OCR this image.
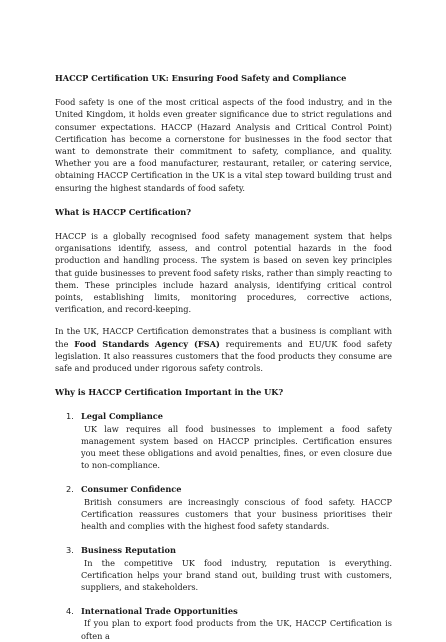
HACCP Certification UK: Ensuring Food Safety and Compliance

Food safety is one of the most critical aspects of the food industry, and in the United Kingdom, it holds even greater significance due to strict regulations and consumer expectations. HACCP (Hazard Analysis and Critical Control Point) Certification has become a cornerstone for businesses in the food sector that want to demonstrate their commitment to safety, compliance, and quality. Whether you are a food manufacturer, restaurant, retailer, or catering service, obtaining HACCP Certification in the UK is a vital step toward building trust and ensuring the highest standards of food safety.

What is HACCP Certification?

HACCP is a globally recognised food safety management system that helps organisations identify, assess, and control potential hazards in the food production and handling process. The system is based on seven key principles that guide businesses to prevent food safety risks, rather than simply reacting to them. These principles include hazard analysis, identifying critical control points, establishing limits, monitoring procedures, corrective actions, verification, and record-keeping.

In the UK, HACCP Certification demonstrates that a business is compliant with the Food Standards Agency (FSA) requirements and EU/UK food safety legislation. It also reassures customers that the food products they consume are safe and produced under rigorous safety controls.

Why is HACCP Certification Important in the UK?
1. Legal Compliance
UK law requires all food businesses to implement a food safety management system based on HACCP principles. Certification ensures you meet these obligations and avoid penalties, fines, or even closure due to non-compliance.
2. Consumer Confidence
British consumers are increasingly conscious of food safety. HACCP Certification reassures customers that your business prioritises their health and complies with the highest food safety standards.
3. Business Reputation
In the competitive UK food industry, reputation is everything. Certification helps your brand stand out, building trust with customers, suppliers, and stakeholders.
4. International Trade Opportunities
If you plan to export food products from the UK, HACCP Certification is often a
